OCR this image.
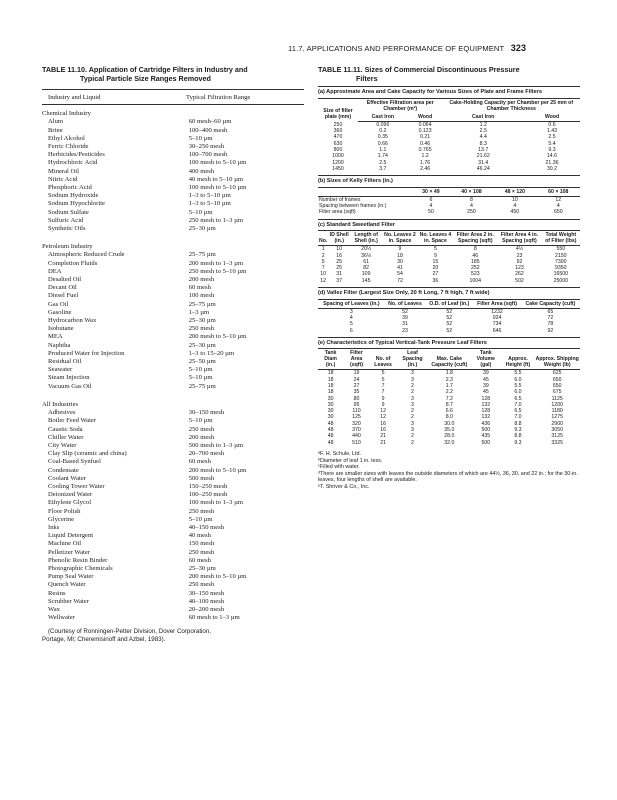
11.7. APPLICATIONS AND PERFORMANCE OF EQUIPMENT 323
TABLE 11.10. Application of Cartridge Filters in Industry and
Typical Particle Size Ranges Removed
Industry and Liquid	Typical Filtration Range
Chemical Industry
Alum	60 mesh–60 µm
Brine	100–400 mesh
Ethyl Alcohol	5–10 µm
Ferric Chloride	30–250 mesh
Herbicides/Pesticides	100–700 mesh
Hydrochloric Acid	100 mesh to 5–10 µm
Mineral Oil	400 mesh
Nitric Acid	40 mesh to 5–10 µm
Phosphoric Acid	100 mesh to 5–10 µm
Sodium Hydroxide	1–3 to 5–10 µm
Sodium Hypochlorite	1–3 to 5–10 µm
Sodium Sulfate	5–10 µm
Sulfuric Acid	250 mesh to 1–3 µm
Synthetic Oils	25–30 µm
Petroleum Industry
Atmospheric Reduced Crude	25–75 µm
Completion Fluids	200 mesh to 1–3 µm
DEA	250 mesh to 5–10 µm
Desalted Oil	200 mesh
Decant Oil	60 mesh
Diesel Fuel	100 mesh
Gas Oil	25–75 µm
Gasoline	1–3 µm
Hydrocarbon Wax	25–30 µm
Isobutane	250 mesh
MEA	200 mesh to 5–10 µm
Naphtha	25–30 µm
Produced Water for Injection	1–3 to 15–20 µm
Residual Oil	25–50 µm
Seawater	5–10 µm
Steam Injection	5–10 µm
Vacuum Gas Oil	25–75 µm
All Industries
Adhesives	30–150 mesh
Boiler Feed Water	5–10 µm
Caustic Soda	250 mesh
Chiller Water	200 mesh
City Water	500 mesh to 1–3 µm
Clay Slip (ceramic and china)	20–700 mesh
Coal-Based Synfuel	60 mesh
Condensate	200 mesh to 5–10 µm
Coolant Water	500 mesh
Cooling Tower Water	150–250 mesh
Deionized Water	100–250 mesh
Ethylene Glycol	100 mesh to 1–3 µm
Floor Polish	250 mesh
Glycerine	5–10 µm
Inks	40–150 mesh
Liquid Detergent	40 mesh
Machine Oil	150 mesh
Pelletizer Water	250 mesh
Phenolic Resin Binder	60 mesh
Photographic Chemicals	25–30 µm
Pump Seal Water	200 mesh to 5–10 µm
Quench Water	250 mesh
Resins	30–150 mesh
Scrubber Water	40–100 mesh
Wax	20–200 mesh
Wellwater	60 mesh to 1–3 µm
(Courtesy of Ronningen-Petter Division, Dover Corporation,
Portage, MI; Cheremisinoff and Azbel, 1983).
TABLE 11.11. Sizes of Commercial Discontinuous Pressure
Filters
(a) Approximate Area and Cake Capacity for Various Sizes of Plate and Frame Filters
Size of filter plate (mm)	Effective Filtration area per Chamber (m²)		Cake-Holding Capacity per Chamber per 25 mm of Chamber Thickness	
	Cast Iron	Wood	Cast Iron	Wood
250	0.096	0.064	1.2	0.6
360	0.2	0.123	2.5	1.43
470	0.35	0.21	4.4	2.5
630	0.66	0.46	8.3	5.4
800	1.1	0.765	13.7	9.3
1000	1.74	1.2	21.62	14.6
1200	2.5	1.76	31.4	21.36
1450	3.7	2.46	46.24	30.2
(b) Sizes of Kelly Filters (in.)
	30 × 49	40 × 108	48 × 120	60 × 108
Number of frames	6	8	10	12
Spacing between frames (in.)	4	4	4	4
Filter area (sqft)	50	250	450	650
(c) Standard Sweetland Filter
No.	ID Shell (in.)	Length of Shell (in.)	No. Leaves 2 in. Space	No. Leaves 4 in. Space	Filter Area 2 in. Spacing (sqft)	Filter Area 4 in. Spacing (sqft)	Total Weight of Filter (lbs)
1	10	20½	9	5	8	4½	550
2	16	36½	18	9	46	23	2150
5	25	61	30	15	185	92	7300
7	25	82	41	20	252	123	9350
10	31	109	54	27	523	262	16500
12	37	145	72	36	1004	502	25000
(d) Vallez Filter (Largest Size Only, 20 ft Long, 7 ft high, 7 ft wide)
Spacing of Leaves (in.)	No. of Leaves	O.D. of Leaf (in.)	Filter Area (sqft)	Cake Capacity (cuft)
3	52	52	1232	65
4	39	52	924	72
5	31	52	734	78
6	23	52	646	92
(e) Characteristics of Typical Vertical-Tank Pressure Leaf Filters
Tank Diam (in.)	Filter Area (sqft)	No. of Leaves	Leaf Spacing (in.)	Max. Cake Capacity (cuft)	Tank Volume (gal)	Approx. Height (ft)	Approx. Shipping Weight (lb)
18	19	5	3	1.8	39	5.5	625
18	24	5	3	2.3	45	6.0	650
18	27	7	2	1.7	39	5.5	650
18	35	7	2	2.2	45	6.0	675
30	80	9	3	7.2	128	6.5	1125
30	95	9	3	8.7	132	7.0	1200
30	110	12	2	6.6	128	6.5	1180
30	125	12	2	8.0	132	7.0	1275
48	320	16	3	30.0	436	8.8	2900
48	370	16	3	35.0	500	9.3	3050
48	440	21	2	28.0	435	8.8	3125
48	510	21	2	32.0	500	9.3	3325
ᵃF. H. Schule, Ltd.
ᵇDiameter of leaf 1 in. less.
ᶜFilled with water.
ᵈThere are smaller sizes with leaves the outside diameters of which are 44½, 36, 30, and 22 in.; for the 30-in. leaves, four lengths of shell are available.
ᵉT. Shriver & Co., Inc.
